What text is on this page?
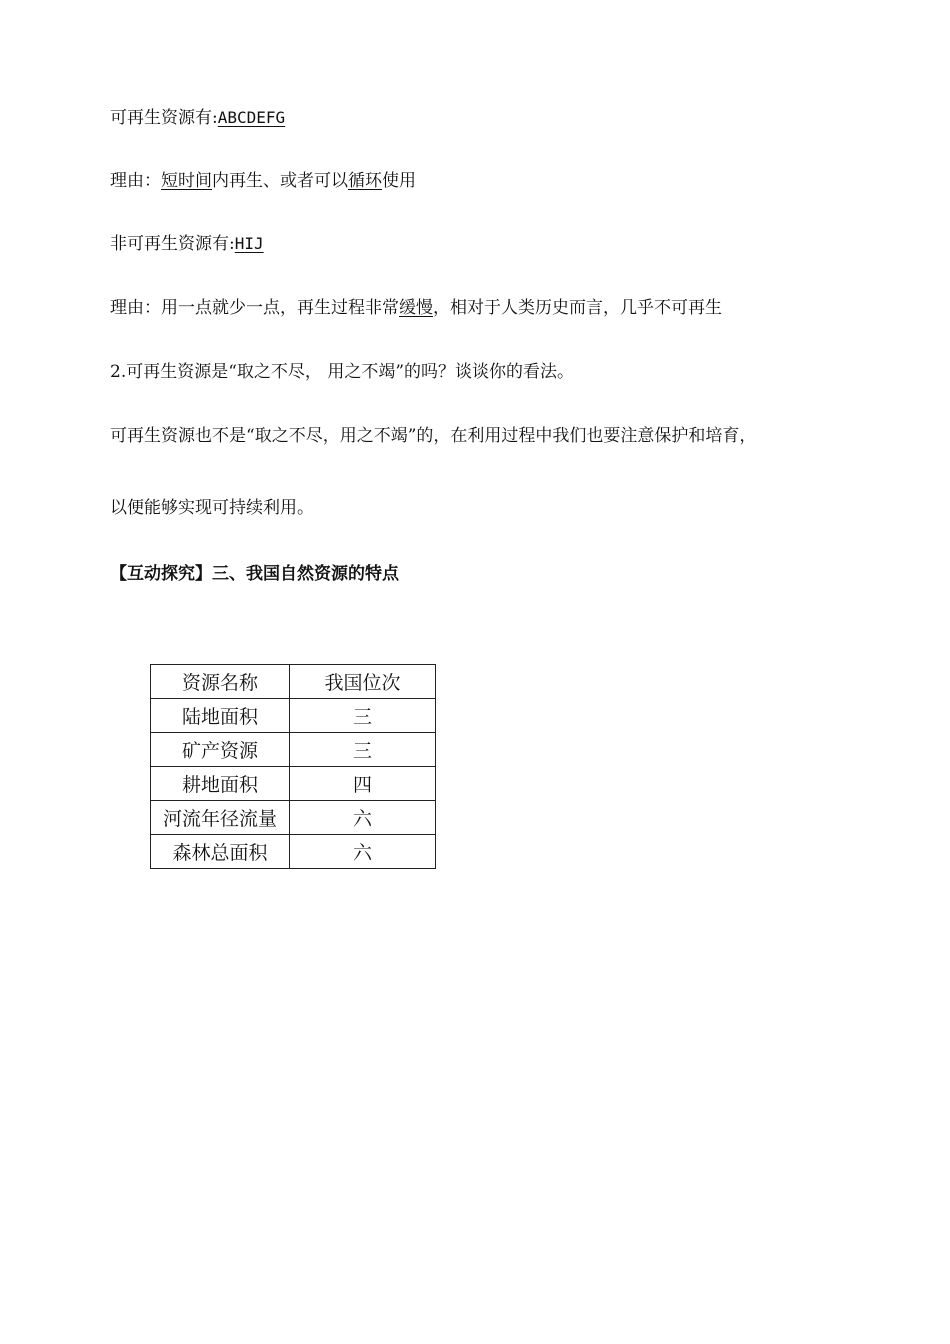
可再生资源有:ABCDEFG

理由：短时间内再生、或者可以循环使用

非可再生资源有:HIJ

理由：用一点就少一点，再生过程非常缓慢，相对于人类历史而言，几乎不可再生

2.可再生资源是“取之不尽， 用之不竭”的吗？谈谈你的看法。

可再生资源也不是“取之不尽，用之不竭”的，在利用过程中我们也要注意保护和培育，

以便能够实现可持续利用。

【互动探究】三、我国自然资源的特点

资源名称	我国位次
陆地面积	三
矿产资源	三
耕地面积	四
河流年径流量	六
森林总面积	六
